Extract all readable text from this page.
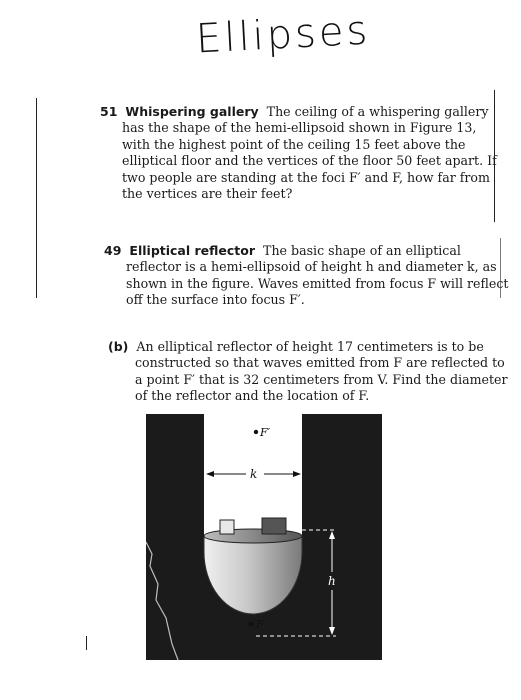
Ellipses
51 Whispering gallery The ceiling of a whispering gallery has the shape of the hemi-ellipsoid shown in Figure 13, with the highest point of the ceiling 15 feet above the elliptical floor and the vertices of the floor 50 feet apart. If two people are standing at the foci F′ and F, how far from the vertices are their feet?
49 Elliptical reflector The basic shape of an elliptical reflector is a hemi-ellipsoid of height h and diameter k, as shown in the figure. Waves emitted from focus F will reflect off the surface into focus F′.
(b) An elliptical reflector of height 17 centimeters is to be constructed so that waves emitted from F are reflected to a point F′ that is 32 centimeters from V. Find the diameter of the reflector and the location of F.
F′
k
h
F
